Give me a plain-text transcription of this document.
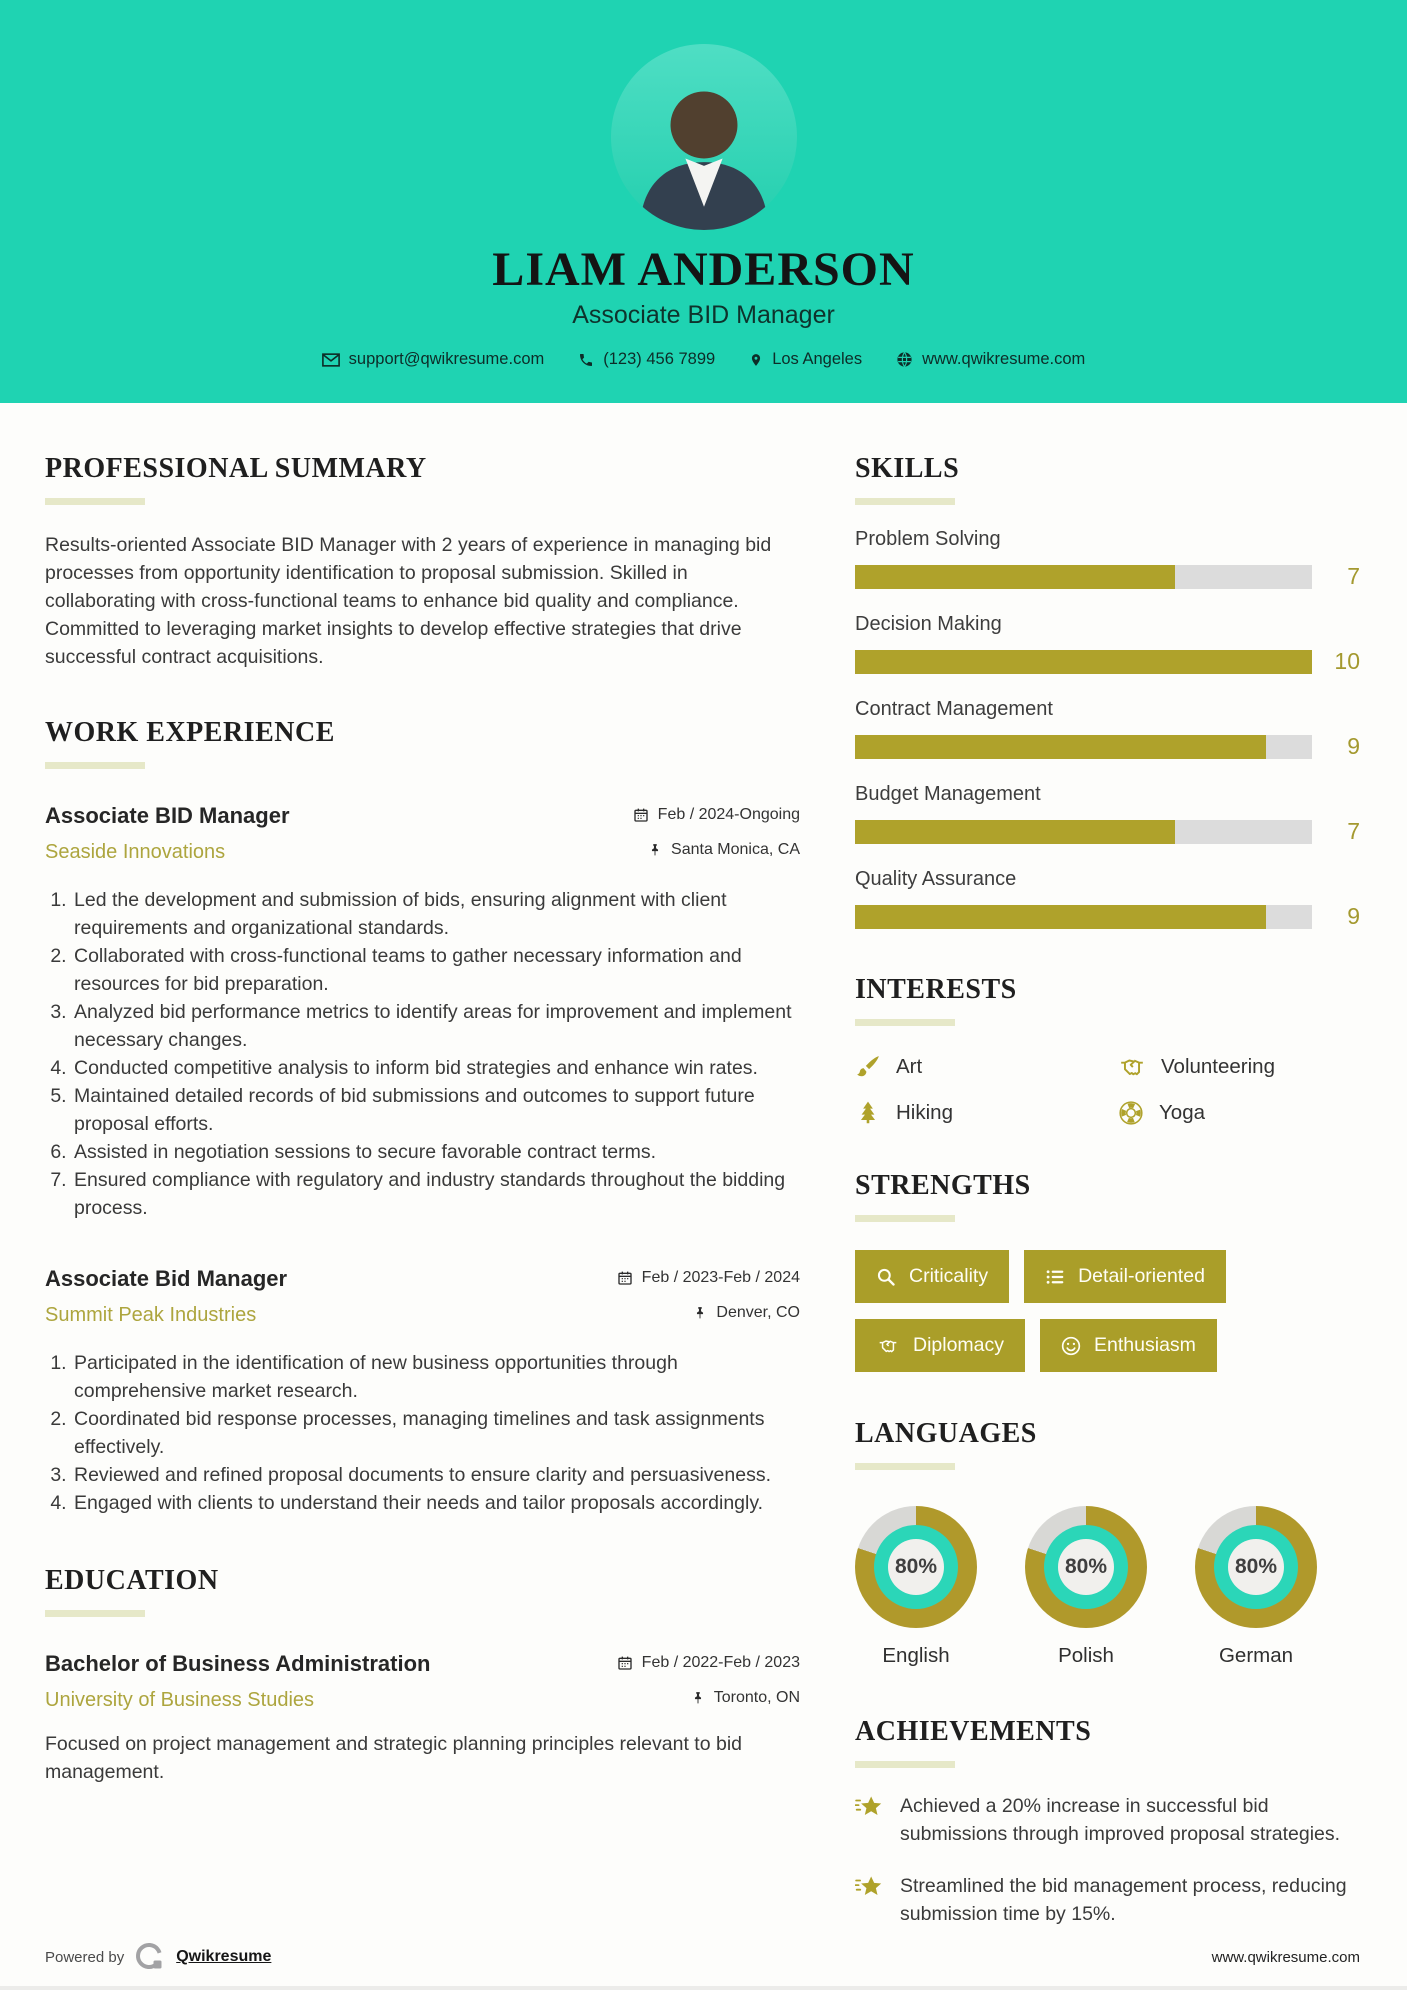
LIAM ANDERSON
Associate BID Manager
support@qwikresume.com	(123) 456 7899	Los Angeles	www.qwikresume.com
PROFESSIONAL SUMMARY

Results-oriented Associate BID Manager with 2 years of experience in managing bid processes from opportunity identification to proposal submission. Skilled in collaborating with cross-functional teams to enhance bid quality and compliance. Committed to leveraging market insights to develop effective strategies that drive successful contract acquisitions.

WORK EXPERIENCE
Associate BID Manager	Feb / 2024-Ongoing
Seaside Innovations	Santa Monica, CA
1. Led the development and submission of bids, ensuring alignment with client requirements and organizational standards.
2. Collaborated with cross-functional teams to gather necessary information and resources for bid preparation.
3. Analyzed bid performance metrics to identify areas for improvement and implement necessary changes.
4. Conducted competitive analysis to inform bid strategies and enhance win rates.
5. Maintained detailed records of bid submissions and outcomes to support future proposal efforts.
6. Assisted in negotiation sessions to secure favorable contract terms.
7. Ensured compliance with regulatory and industry standards throughout the bidding process.
Associate Bid Manager	Feb / 2023-Feb / 2024
Summit Peak Industries	Denver, CO
1. Participated in the identification of new business opportunities through comprehensive market research.
2. Coordinated bid response processes, managing timelines and task assignments effectively.
3. Reviewed and refined proposal documents to ensure clarity and persuasiveness.
4. Engaged with clients to understand their needs and tailor proposals accordingly.
EDUCATION
Bachelor of Business Administration	Feb / 2022-Feb / 2023
University of Business Studies	Toronto, ON

Focused on project management and strategic planning principles relevant to bid management.

SKILLS
Problem Solving
7
Decision Making
10
Contract Management
9
Budget Management
7
Quality Assurance
9
INTERESTS
Art	Volunteering
Hiking	Yoga
STRENGTHS
Criticality	Detail-oriented
Diplomacy	Enthusiasm
LANGUAGES
80%
English
80%
Polish
80%
German
ACHIEVEMENTS
Achieved a 20% increase in successful bid submissions through improved proposal strategies.
Streamlined the bid management process, reducing submission time by 15%.
Powered by	Qwikresume	www.qwikresume.com
